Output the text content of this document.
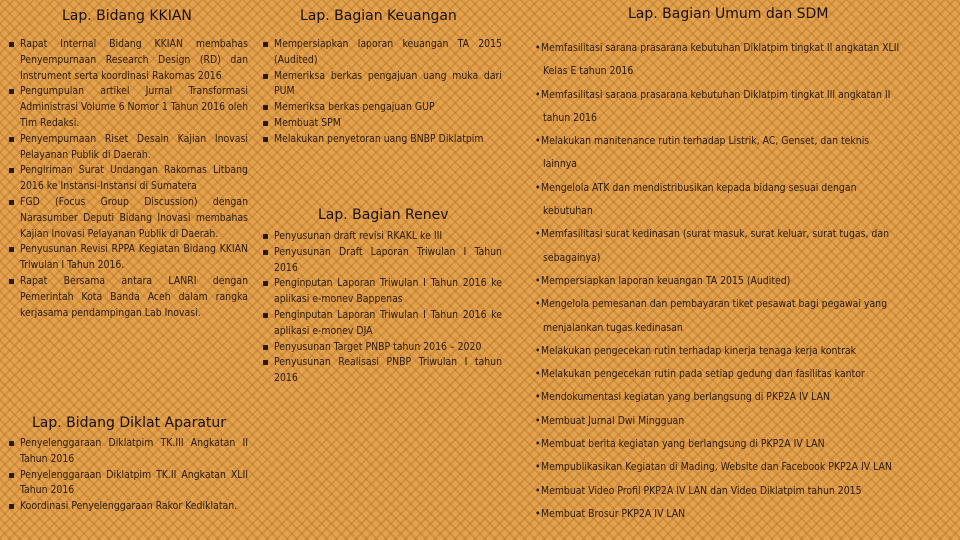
Lap. Bidang KKIAN
Rapat Internal Bidang KKIAN membahas Penyempurnaan Research Design (RD) dan Instrument serta koordinasi Rakornas 2016
Pengumpulan artikel Jurnal Transformasi Administrasi Volume 6 Nomor 1 Tahun 2016 oleh Tim Redaksi.
Penyempurnaan Riset Desain Kajian Inovasi Pelayanan Publik di Daerah.
Pengiriman Surat Undangan Rakornas Litbang 2016 ke Instansi-Instansi di Sumatera
FGD (Focus Group Discussion) dengan Narasumber Deputi Bidang Inovasi membahas Kajian Inovasi Pelayanan Publik di Daerah.
Penyusunan Revisi RPPA Kegiatan Bidang KKIAN Triwulan I Tahun 2016.
Rapat Bersama antara LANRI dengan Pemerintah Kota Banda Aceh dalam rangka kerjasama pendampingan Lab Inovasi.
Lap. Bidang Diklat Aparatur
Penyelenggaraan Diklatpim TK.III Angkatan II Tahun 2016
Penyelenggaraan Diklatpim TK.II Angkatan XLII Tahun 2016
Koordinasi Penyelenggaraan Rakor Kediklatan.
Lap. Bagian Keuangan
Mempersiapkan laporan keuangan TA 2015 (Audited)
Memeriksa berkas pengajuan uang muka dari PUM
Memeriksa berkas pengajuan GUP
Membuat SPM
Melakukan penyetoran uang BNBP Diklatpim
Lap. Bagian Renev
Penyusunan draft revisi RKAKL ke III
Penyusunan Draft Laporan Triwulan I Tahun 2016
Penginputan Laporan Triwulan I Tahun 2016 ke aplikasi e-monev Bappenas
Penginputan Laporan Triwulan I Tahun 2016 ke aplikasi e-monev DJA
Penyusunan Target PNBP tahun 2016 – 2020
Penyusunan Realisasi PNBP Triwulan I tahun 2016
Lap. Bagian Umum dan SDM
• Memfasilitasi sarana prasarana kebutuhan Diklatpim tingkat II angkatan XLII
Kelas E tahun 2016
• Memfasilitasi sarana prasarana kebutuhan Diklatpim tingkat III angkatan II
tahun 2016
• Melakukan manitenance rutin terhadap Listrik, AC, Genset, dan teknis
lainnya
• Mengelola ATK dan mendistribusikan kepada bidang sesuai dengan
kebutuhan
• Memfasilitasi surat kedinasan (surat masuk, surat keluar, surat tugas, dan
sebagainya)
• Mempersiapkan laporan keuangan TA 2015 (Audited)
• Mengelola pemesanan dan pembayaran tiket pesawat bagi pegawai yang
menjalankan tugas kedinasan
• Melakukan pengecekan rutin terhadap kinerja tenaga kerja kontrak
• Melakukan pengecekan rutin pada setiap gedung dan fasilitas kantor
• Mendokumentasi kegiatan yang berlangsung di PKP2A IV LAN
• Membuat Jurnal Dwi Mingguan
• Membuat berita kegiatan yang berlangsung di PKP2A IV LAN
• Mempublikasikan Kegiatan di Mading, Website dan Facebook PKP2A IV LAN
• Membuat Video Profil PKP2A IV LAN dan Video Diklatpim tahun 2015
• Membuat Brosur PKP2A IV LAN
